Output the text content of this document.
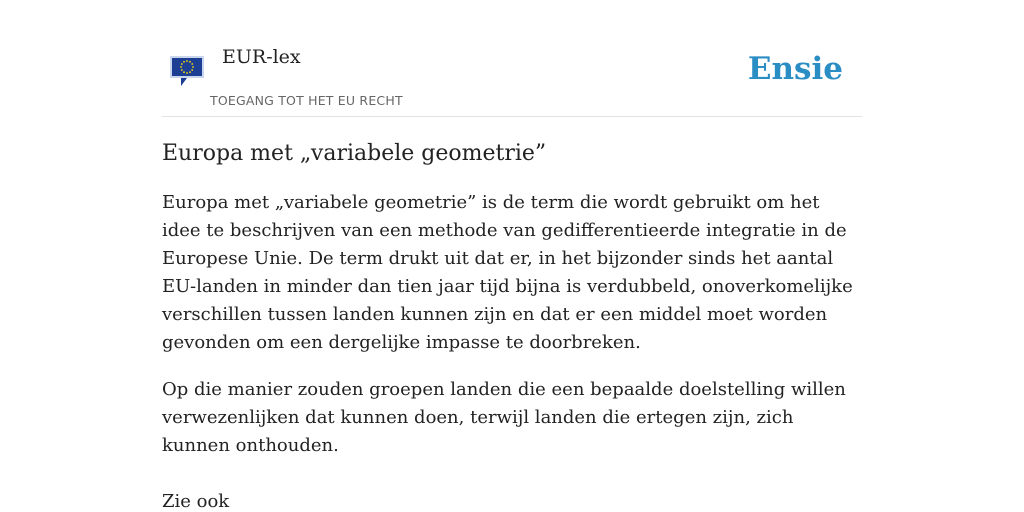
EUR-lex
TOEGANG TOT HET EU RECHT
Ensie
Europa met „variabele geometrie”

Europa met „variabele geometrie” is de term die wordt gebruikt om het idee te beschrijven van een methode van gedifferentieerde integratie in de Europese Unie. De term drukt uit dat er, in het bijzonder sinds het aantal EU-landen in minder dan tien jaar tijd bijna is verdubbeld, onoverkomelijke verschillen tussen landen kunnen zijn en dat er een middel moet worden gevonden om een dergelijke impasse te doorbreken.

Op die manier zouden groepen landen die een bepaalde doelstelling willen verwezenlijken dat kunnen doen, terwijl landen die ertegen zijn, zich kunnen onthouden.

Zie ook
